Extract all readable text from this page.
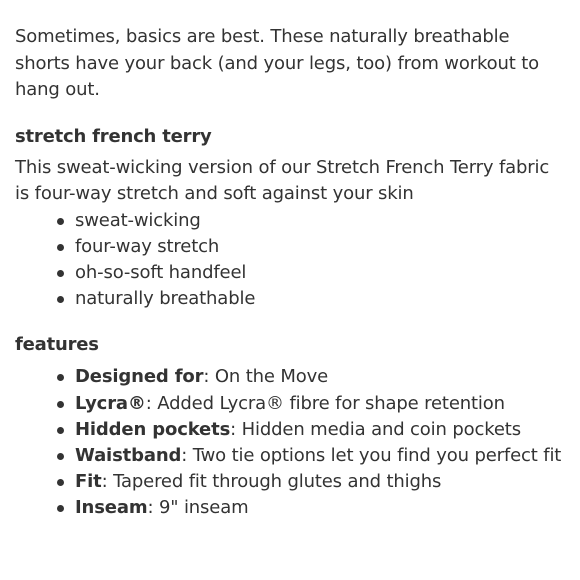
Sometimes, basics are best. These naturally breathable shorts have your back (and your legs, too) from workout to hang out.

stretch french terry

This sweat-wicking version of our Stretch French Terry fabric is four-way stretch and soft against your skin

sweat-wicking
four-way stretch
oh-so-soft handfeel
naturally breathable
features
Designed for: On the Move
Lycra®: Added Lycra® fibre for shape retention
Hidden pockets: Hidden media and coin pockets
Waistband: Two tie options let you find you perfect fit
Fit: Tapered fit through glutes and thighs
Inseam: 9" inseam
